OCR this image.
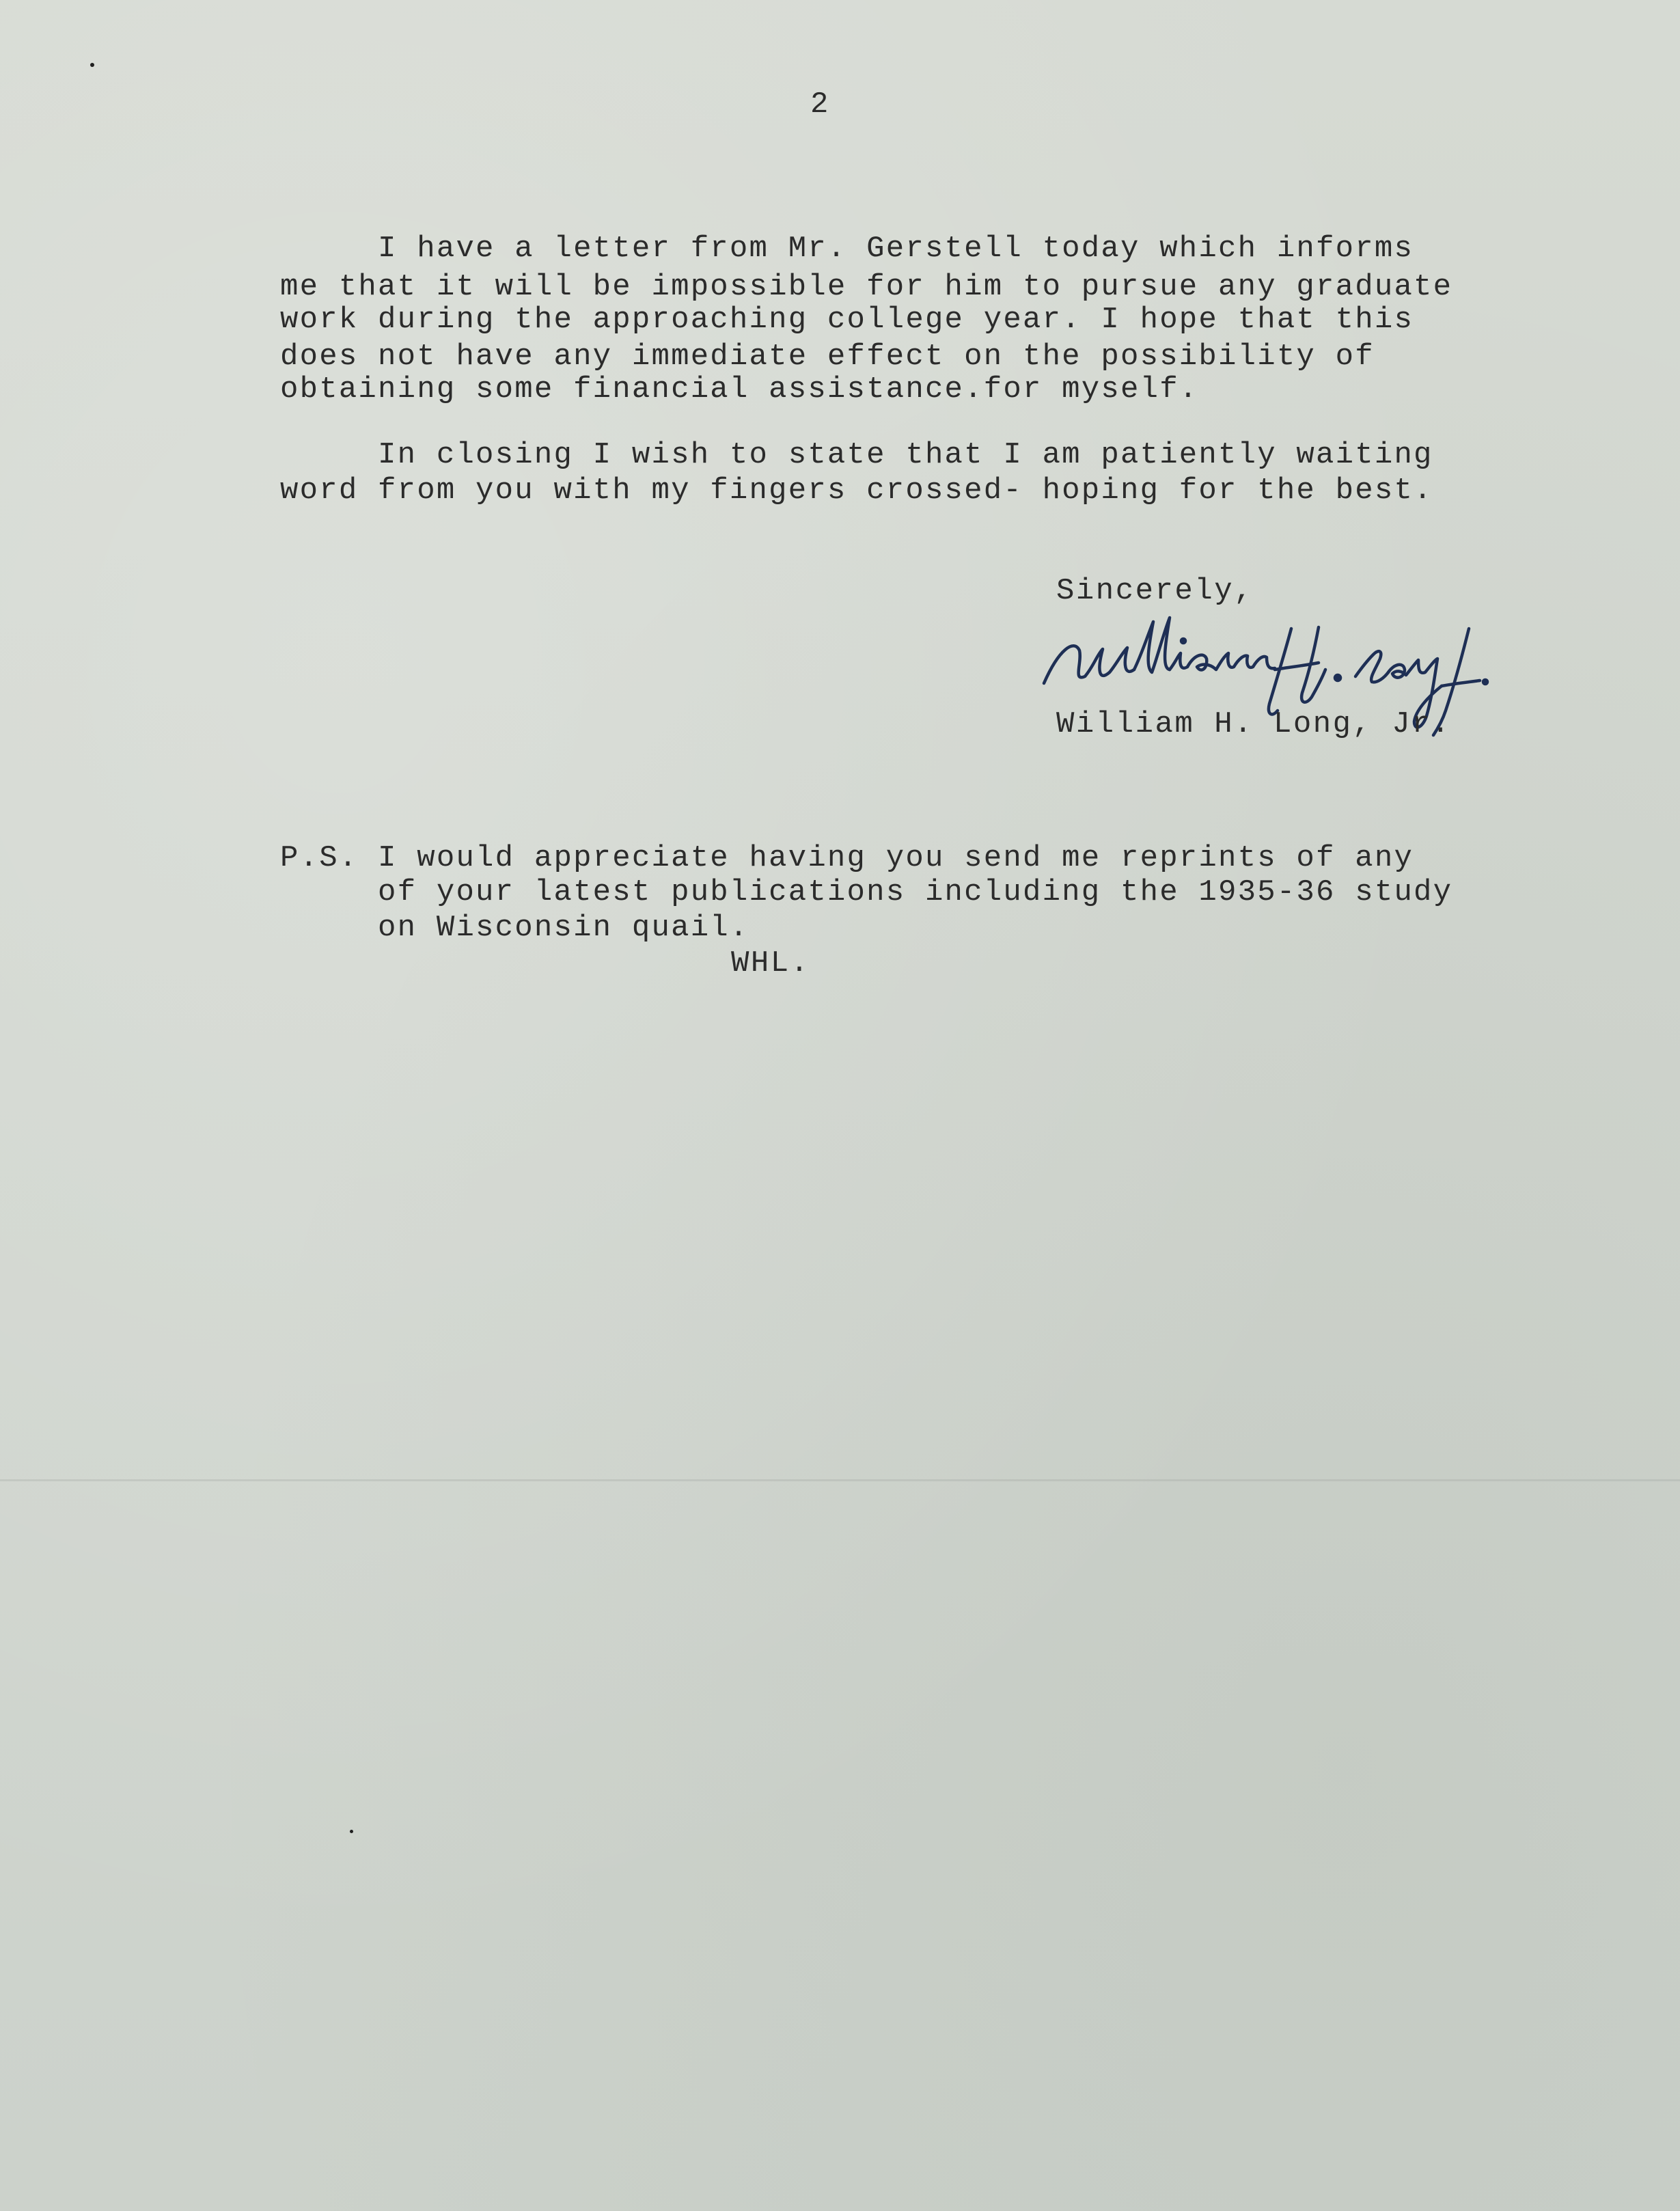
2
I have a letter from Mr. Gerstell today which informs
me that it will be impossible for him to pursue any graduate
work during the approaching college year. I hope that this
does not have any immediate effect on the possibility of
obtaining some financial assistance.for myself.
In closing I wish to state that I am patiently waiting
word from you with my fingers crossed- hoping for the best.
Sincerely,
William H. Long, Jr.
P.S. I would appreciate having you send me reprints of any
of your latest publications including the 1935-36 study
on Wisconsin quail.
WHL.
